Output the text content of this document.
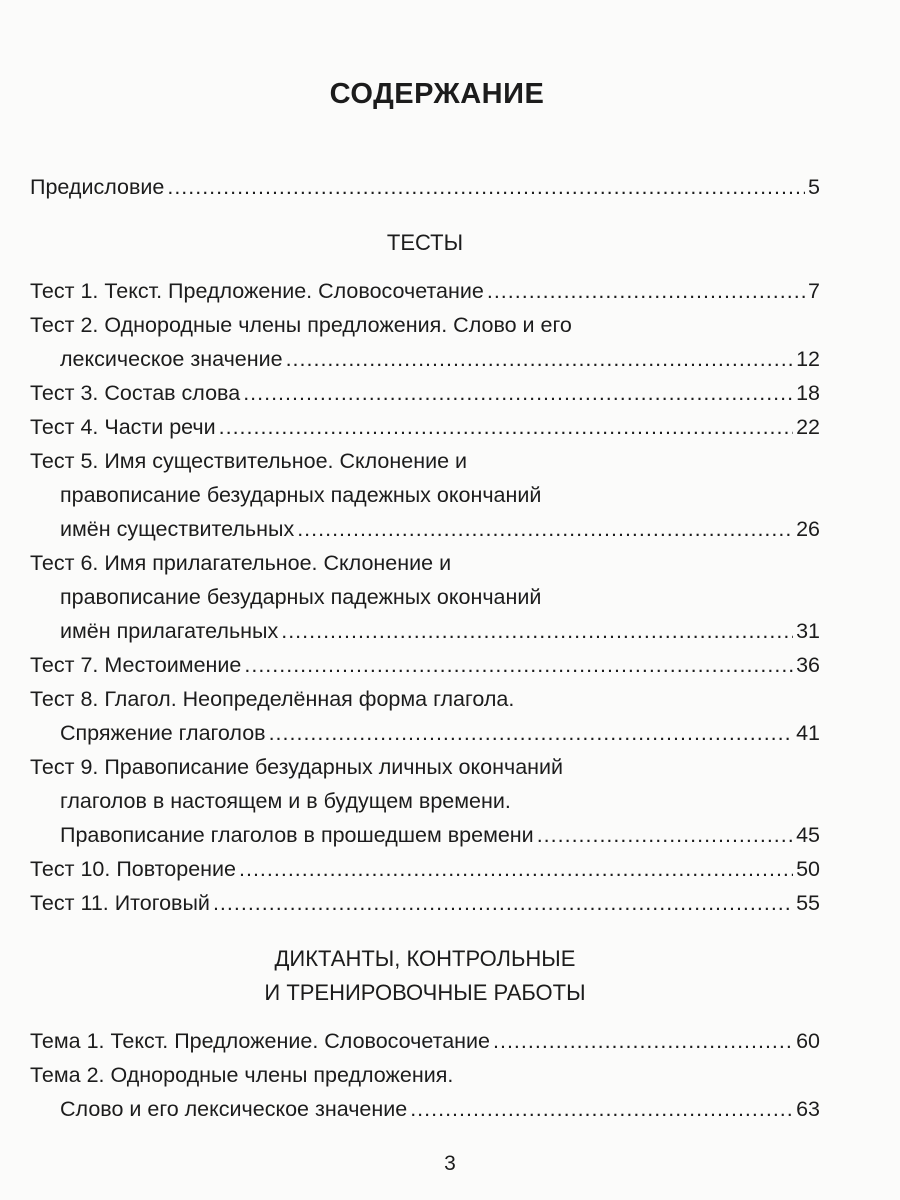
СОДЕРЖАНИЕ
Предисловие .....	5
ТЕСТЫ
Тест 1. Текст. Предложение. Словосочетание .....	7
Тест 2. Однородные члены предложения. Слово и его
лексическое значение .....	12
Тест 3. Состав слова .....	18
Тест 4. Части речи .....	22
Тест 5. Имя существительное. Склонение и
правописание безударных падежных окончаний
имён существительных .....	26
Тест 6. Имя прилагательное. Склонение и
правописание безударных падежных окончаний
имён прилагательных .....	31
Тест 7. Местоимение .....	36
Тест 8. Глагол. Неопределённая форма глагола.
Спряжение глаголов .....	41
Тест 9. Правописание безударных личных окончаний
глаголов в настоящем и в будущем времени.
Правописание глаголов в прошедшем времени .....	45
Тест 10. Повторение .....	50
Тест 11. Итоговый .....	55
ДИКТАНТЫ, КОНТРОЛЬНЫЕ
И ТРЕНИРОВОЧНЫЕ РАБОТЫ
Тема 1. Текст. Предложение. Словосочетание .....	60
Тема 2. Однородные члены предложения.
Слово и его лексическое значение .....	63
3
